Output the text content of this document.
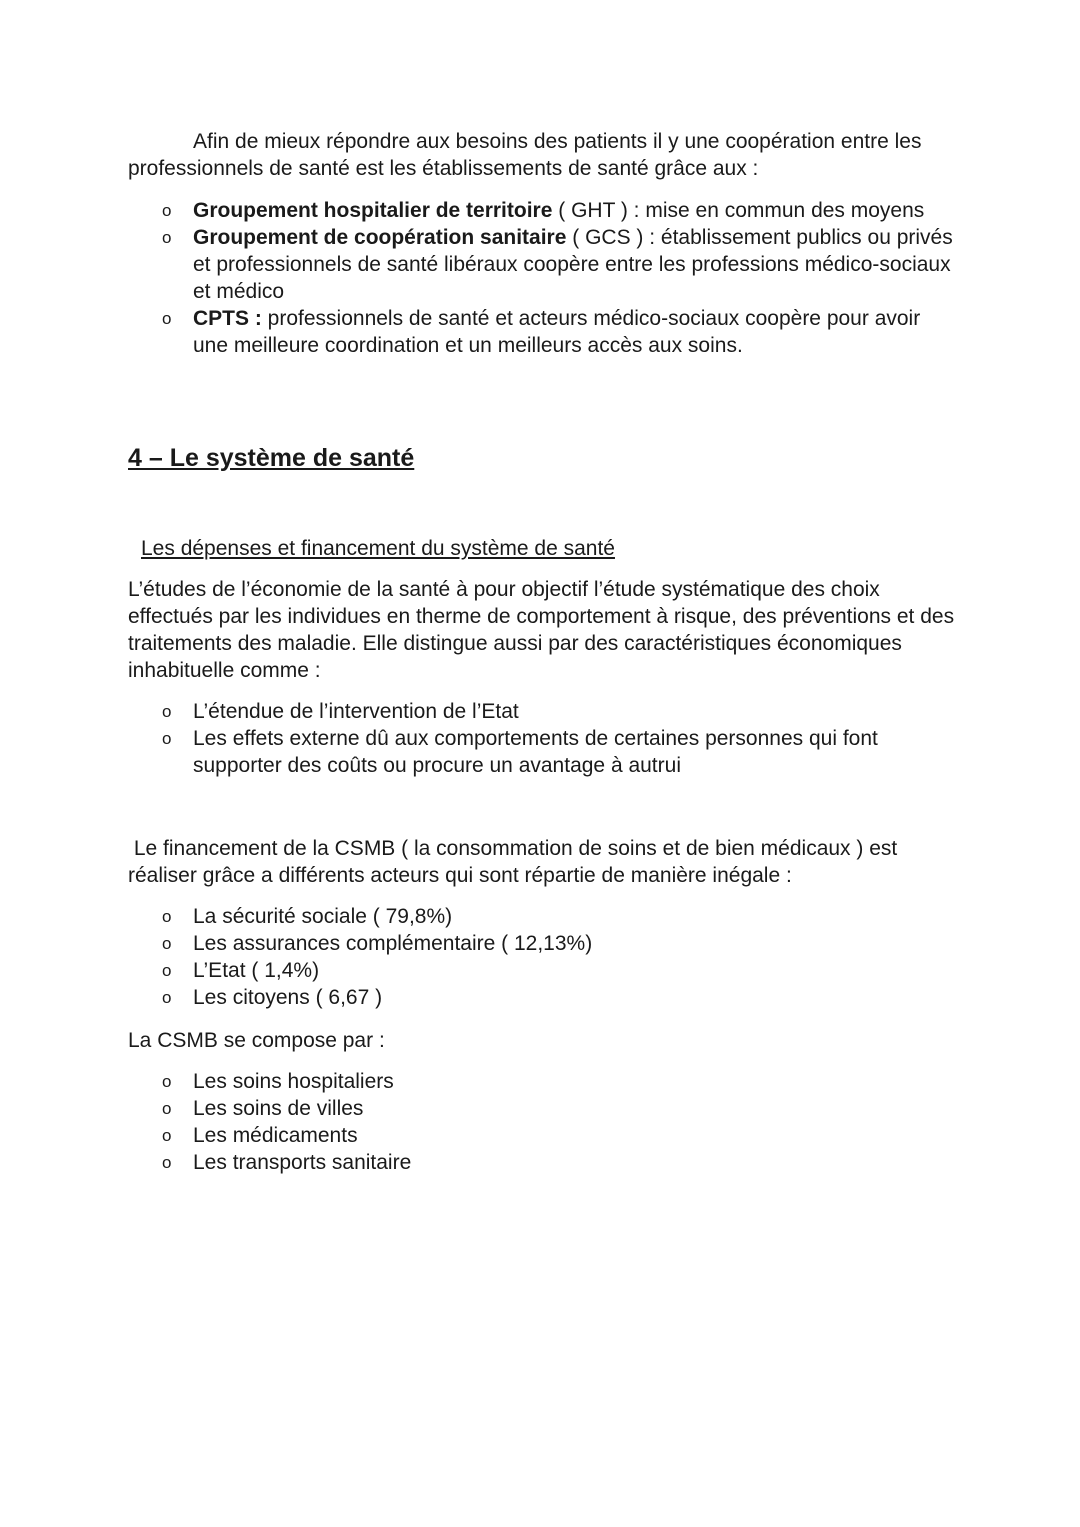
Afin de mieux répondre aux besoins des patients il y une coopération entre les professionnels de santé est les établissements de santé grâce aux :

o Groupement hospitalier de territoire ( GHT ) : mise en commun des moyens
o Groupement de coopération sanitaire ( GCS ) : établissement publics ou privés et professionnels de santé libéraux coopère entre les professions médico-sociaux et médico
o CPTS : professionnels de santé et acteurs médico-sociaux coopère pour avoir une meilleure coordination et un meilleurs accès aux soins.
4 – Le système de santé

Les dépenses et financement du système de santé

L’études de l’économie de la santé à pour objectif l’étude systématique des choix effectués par les individues en therme de comportement à risque, des préventions et des traitements des maladie. Elle distingue aussi par des caractéristiques économiques inhabituelle comme :

o L’étendue de l’intervention de l’Etat
o Les effets externe dû aux comportements de certaines personnes qui font supporter des coûts ou procure un avantage à autrui

Le financement de la CSMB ( la consommation de soins et de bien médicaux ) est réaliser grâce a différents acteurs qui sont répartie de manière inégale :

o La sécurité sociale ( 79,8%)
o Les assurances complémentaire ( 12,13%)
o L’Etat ( 1,4%)
o Les citoyens ( 6,67 )

La CSMB se compose par :

o Les soins hospitaliers
o Les soins de villes
o Les médicaments
o Les transports sanitaire
